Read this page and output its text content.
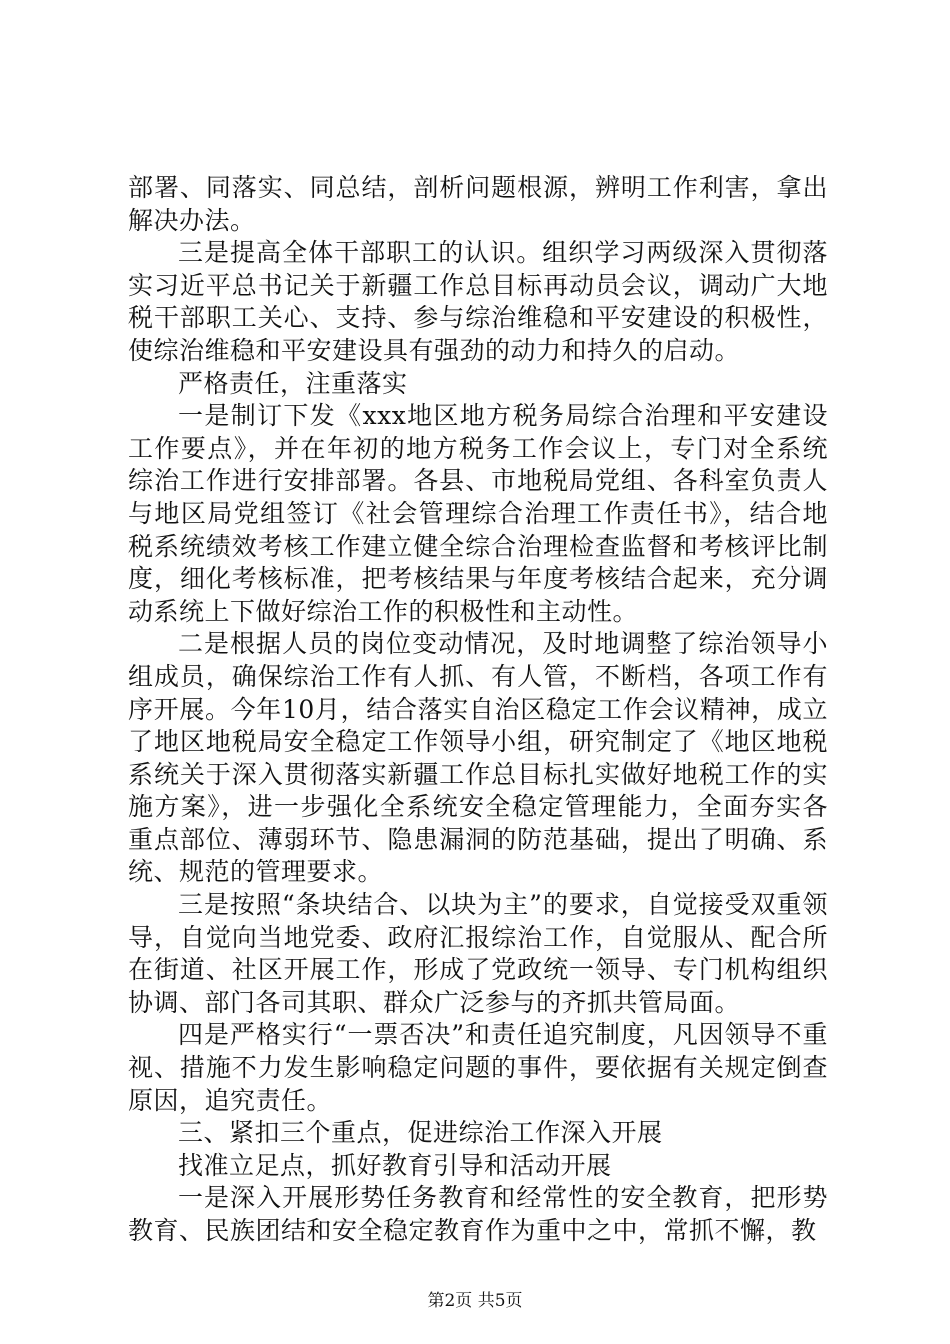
部署、同落实、同总结，剖析问题根源，辨明工作利害，拿出解决办法。

三是提高全体干部职工的认识。组织学习两级深入贯彻落实习近平总书记关于新疆工作总目标再动员会议，调动广大地税干部职工关心、支持、参与综治维稳和平安建设的积极性，使综治维稳和平安建设具有强劲的动力和持久的启动。

严格责任，注重落实

一是制订下发《xxx地区地方税务局综合治理和平安建设工作要点》，并在年初的地方税务工作会议上，专门对全系统综治工作进行安排部署。各县、市地税局党组、各科室负责人与地区局党组签订《社会管理综合治理工作责任书》，结合地税系统绩效考核工作建立健全综合治理检查监督和考核评比制度，细化考核标准，把考核结果与年度考核结合起来，充分调动系统上下做好综治工作的积极性和主动性。

二是根据人员的岗位变动情况，及时地调整了综治领导小组成员，确保综治工作有人抓、有人管，不断档，各项工作有序开展。今年10月，结合落实自治区稳定工作会议精神，成立了地区地税局安全稳定工作领导小组，研究制定了《地区地税系统关于深入贯彻落实新疆工作总目标扎实做好地税工作的实施方案》，进一步强化全系统安全稳定管理能力，全面夯实各重点部位、薄弱环节、隐患漏洞的防范基础，提出了明确、系统、规范的管理要求。

三是按照“条块结合、以块为主”的要求，自觉接受双重领导，自觉向当地党委、政府汇报综治工作，自觉服从、配合所在街道、社区开展工作，形成了党政统一领导、专门机构组织协调、部门各司其职、群众广泛参与的齐抓共管局面。

四是严格实行“一票否决”和责任追究制度，凡因领导不重视、措施不力发生影响稳定问题的事件，要依据有关规定倒查原因，追究责任。

三、紧扣三个重点，促进综治工作深入开展

找准立足点，抓好教育引导和活动开展

一是深入开展形势任务教育和经常性的安全教育，把形势教育、民族团结和安全稳定教育作为重中之中，常抓不懈，教

第2页 共5页
